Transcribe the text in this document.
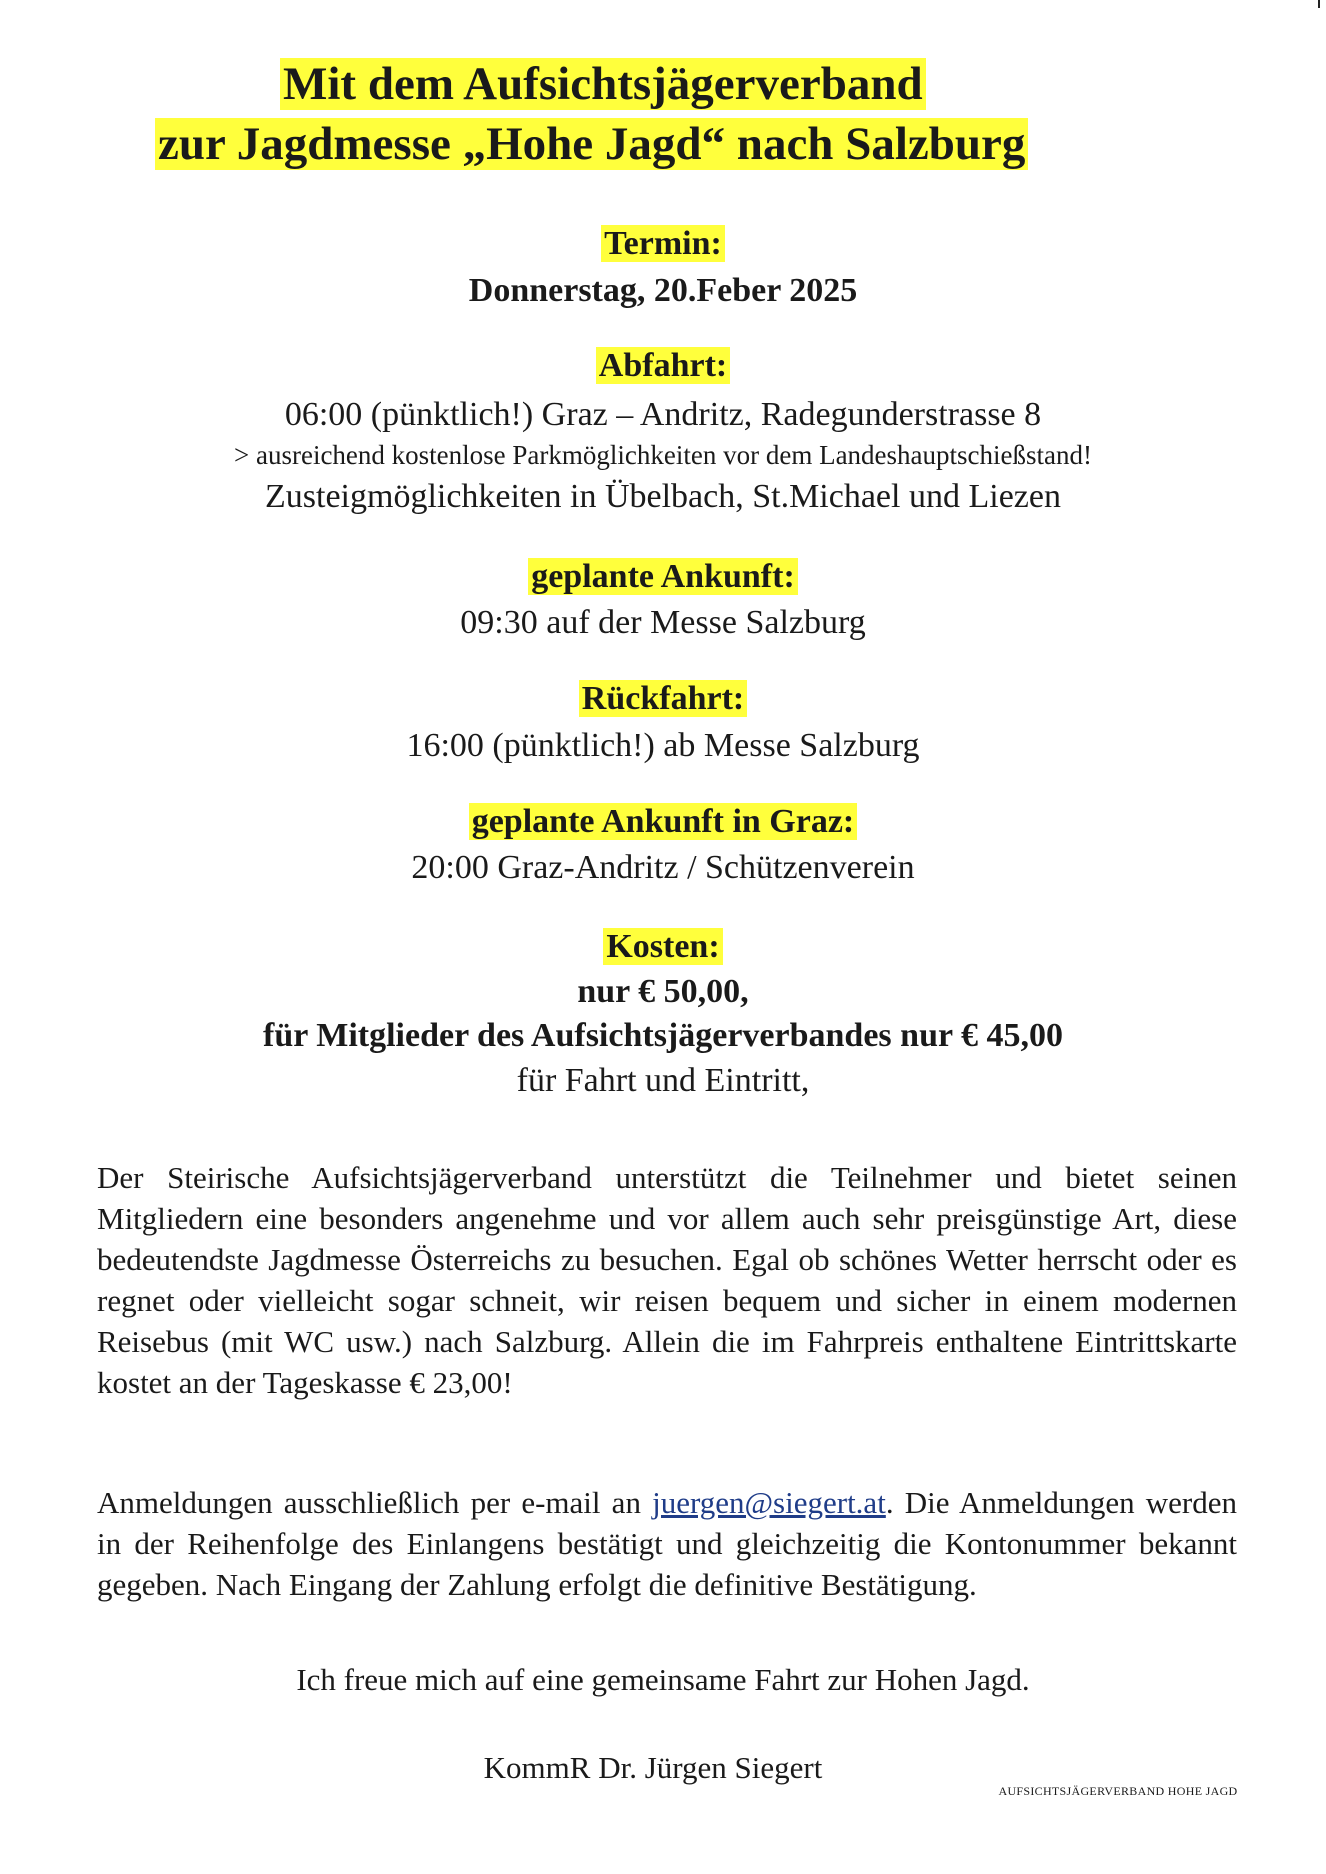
Mit dem Aufsichtsjägerverband
zur Jagdmesse „Hohe Jagd“ nach Salzburg
Termin:
Donnerstag, 20.Feber 2025
Abfahrt:
06:00 (pünktlich!) Graz – Andritz, Radegunderstrasse 8
> ausreichend kostenlose Parkmöglichkeiten vor dem Landeshauptschießstand!
Zusteigmöglichkeiten in Übelbach, St.Michael und Liezen
geplante Ankunft:
09:30 auf der Messe Salzburg
Rückfahrt:
16:00 (pünktlich!) ab Messe Salzburg
geplante Ankunft in Graz:
20:00 Graz-Andritz / Schützenverein
Kosten:
nur € 50,00,
für Mitglieder des Aufsichtsjägerverbandes nur € 45,00
für Fahrt und Eintritt,
Der Steirische Aufsichtsjägerverband unterstützt die Teilnehmer und bietet seinen Mitgliedern eine besonders angenehme und vor allem auch sehr preisgünstige Art, diese bedeutendste Jagdmesse Österreichs zu besuchen. Egal ob schönes Wetter herrscht oder es regnet oder vielleicht sogar schneit, wir reisen bequem und sicher in einem modernen Reisebus (mit WC usw.) nach Salzburg. Allein die im Fahrpreis enthaltene Eintrittskarte kostet an der Tageskasse € 23,00!
Anmeldungen ausschließlich per e-mail an juergen@siegert.at. Die Anmeldungen werden in der Reihenfolge des Einlangens bestätigt und gleichzeitig die Kontonummer bekannt gegeben. Nach Eingang der Zahlung erfolgt die definitive Bestätigung.
Ich freue mich auf eine gemeinsame Fahrt zur Hohen Jagd.
KommR Dr. Jürgen Siegert
AUFSICHTSJÄGERVERBAND HOHE JAGD
